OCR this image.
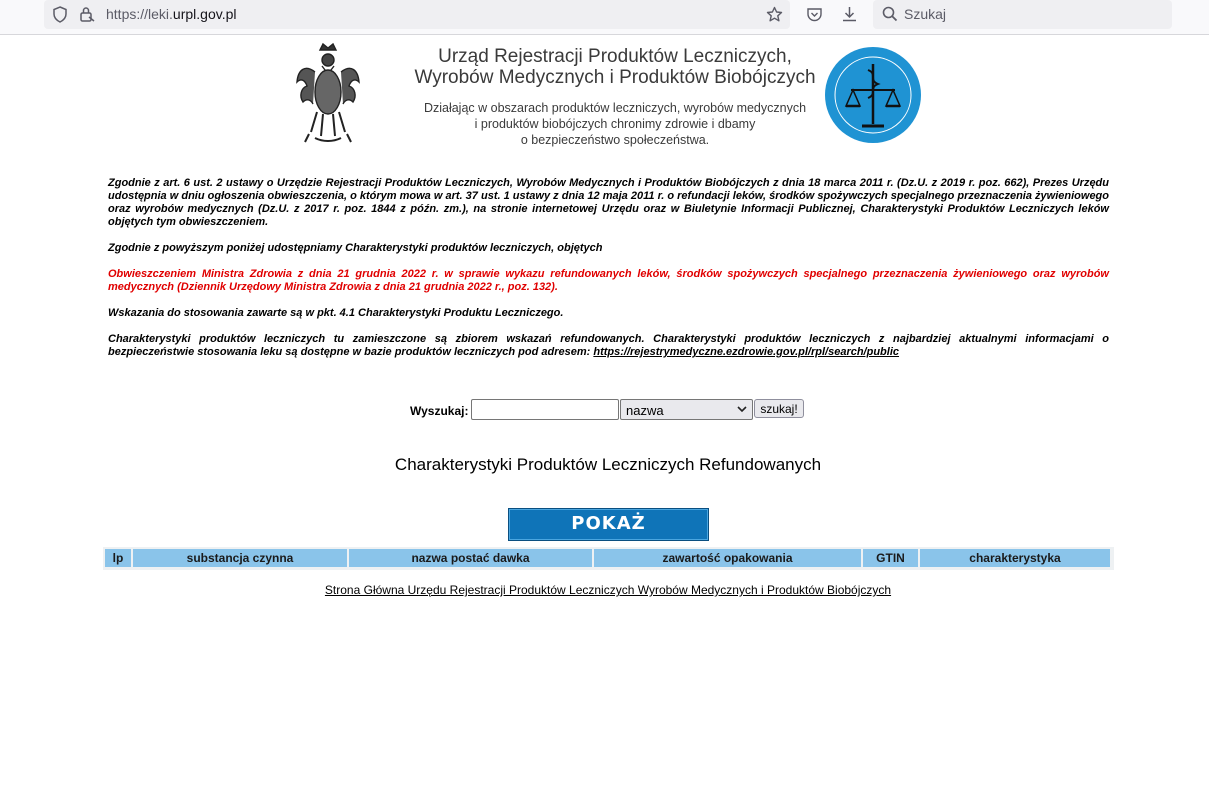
https://leki.urpl.gov.pl	Szukaj
Urząd Rejestracji Produktów Leczniczych,
Wyrobów Medycznych i Produktów Biobójczych
Działając w obszarach produktów leczniczych, wyrobów medycznych
i produktów biobójczych chronimy zdrowie i dbamy
o bezpieczeństwo społeczeństwa.

Zgodnie z art. 6 ust. 2 ustawy o Urzędzie Rejestracji Produktów Leczniczych, Wyrobów Medycznych i Produktów Biobójczych z dnia 18 marca 2011 r. (Dz.U. z 2019 r. poz. 662), Prezes Urzędu udostępnia w dniu ogłoszenia obwieszczenia, o którym mowa w art. 37 ust. 1 ustawy z dnia 12 maja 2011 r. o refundacji leków, środków spożywczych specjalnego przeznaczenia żywieniowego oraz wyrobów medycznych (Dz.U. z 2017 r. poz. 1844 z późn. zm.), na stronie internetowej Urzędu oraz w Biuletynie Informacji Publicznej, Charakterystyki Produktów Leczniczych leków objętych tym obwieszczeniem.

Zgodnie z powyższym poniżej udostępniamy Charakterystyki produktów leczniczych, objętych

Obwieszczeniem Ministra Zdrowia z dnia 21 grudnia 2022 r. w sprawie wykazu refundowanych leków, środków spożywczych specjalnego przeznaczenia żywieniowego oraz wyrobów medycznych (Dziennik Urzędowy Ministra Zdrowia z dnia 21 grudnia 2022 r., poz. 132).

Wskazania do stosowania zawarte są w pkt. 4.1 Charakterystyki Produktu Leczniczego.

Charakterystyki produktów leczniczych tu zamieszczone są zbiorem wskazań refundowanych. Charakterystyki produktów leczniczych z najbardziej aktualnymi informacjami o bezpieczeństwie stosowania leku są dostępne w bazie produktów leczniczych pod adresem: https://rejestrymedyczne.ezdrowie.gov.pl/rpl/search/public

Wyszukaj:	nazwa	szukaj!
Charakterystyki Produktów Leczniczych Refundowanych
POKAŻ
lp	substancja czynna	nazwa postać dawka	zawartość opakowania	GTIN	charakterystyka
Strona Główna Urzędu Rejestracji Produktów Leczniczych Wyrobów Medycznych i Produktów Biobójczych
